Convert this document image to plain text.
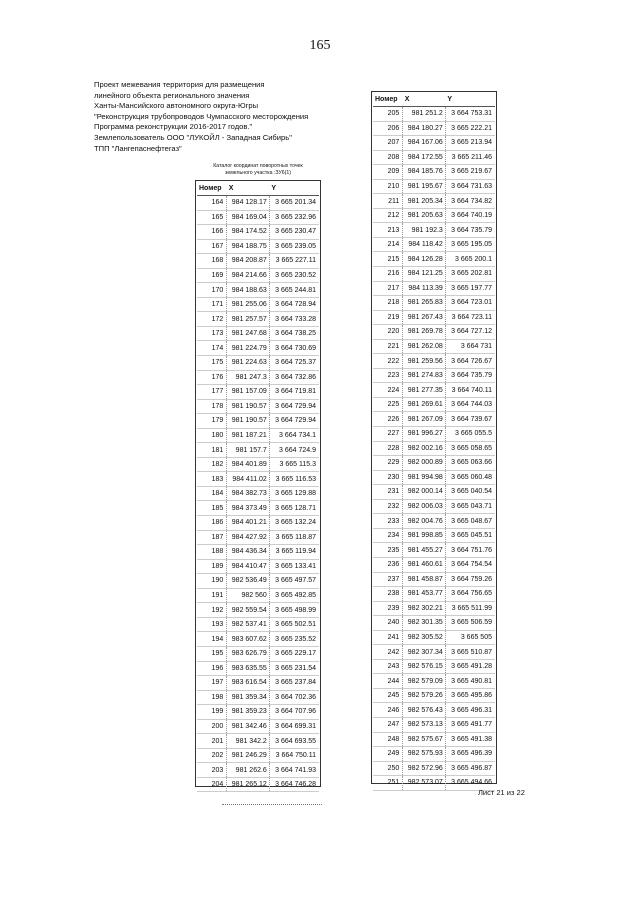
165
Проект межевания территория для размещения
линейного объекта регионального значения
Ханты-Мансийского автономного округа-Югры
"Реконструкция трубопроводов Чумпасского месторождения
Программа реконструкции 2016-2017 годов."
Землепользователь ООО "ЛУКОЙЛ - Западная Сибирь"
ТПП "Лангепаснефтегаз"
Каталог координат поворотных точек
земельного участка :ЗУ6(1)
Номер	X	Y
164	984 128.17	3 665 201.34
165	984 169.04	3 665 232.96
166	984 174.52	3 665 230.47
167	984 188.75	3 665 239.05
168	984 208.87	3 665 227.11
169	984 214.66	3 665 230.52
170	984 188.63	3 665 244.81
171	981 255.06	3 664 728.94
172	981 257.57	3 664 733.28
173	981 247.68	3 664 738.25
174	981 224.79	3 664 730.69
175	981 224.63	3 664 725.37
176	981 247.3	3 664 732.86
177	981 157.09	3 664 719.81
178	981 190.57	3 664 729.94
179	981 190.57	3 664 729.94
180	981 187.21	3 664 734.1
181	981 157.7	3 664 724.9
182	984 401.89	3 665 115.3
183	984 411.02	3 665 116.53
184	984 382.73	3 665 129.88
185	984 373.49	3 665 128.71
186	984 401.21	3 665 132.24
187	984 427.92	3 665 118.87
188	984 436.34	3 665 119.94
189	984 410.47	3 665 133.41
190	982 536.49	3 665 497.57
191	982 560	3 665 492.85
192	982 559.54	3 665 498.99
193	982 537.41	3 665 502.51
194	983 607.62	3 665 235.52
195	983 626.79	3 665 229.17
196	983 635.55	3 665 231.54
197	983 616.54	3 665 237.84
198	981 359.34	3 664 702.36
199	981 359.23	3 664 707.96
200	981 342.46	3 664 699.31
201	981 342.2	3 664 693.55
202	981 246.29	3 664 750.11
203	981 262.6	3 664 741.93
204	981 265.12	3 664 746.28
Номер	X	Y
205	981 251.2	3 664 753.31
206	984 180.27	3 665 222.21
207	984 167.06	3 665 213.94
208	984 172.55	3 665 211.46
209	984 185.76	3 665 219.67
210	981 195.67	3 664 731.63
211	981 205.34	3 664 734.82
212	981 205.63	3 664 740.19
213	981 192.3	3 664 735.79
214	984 118.42	3 665 195.05
215	984 126.28	3 665 200.1
216	984 121.25	3 665 202.81
217	984 113.39	3 665 197.77
218	981 265.83	3 664 723.01
219	981 267.43	3 664 723.11
220	981 269.78	3 664 727.12
221	981 262.08	3 664 731
222	981 259.56	3 664 726.67
223	981 274.83	3 664 735.79
224	981 277.35	3 664 740.11
225	981 269.61	3 664 744.03
226	981 267.09	3 664 739.67
227	981 996.27	3 665 055.5
228	982 002.16	3 665 058.65
229	982 000.89	3 665 063.66
230	981 994.98	3 665 060.48
231	982 000.14	3 665 040.54
232	982 006.03	3 665 043.71
233	982 004.76	3 665 048.67
234	981 998.85	3 665 045.51
235	981 455.27	3 664 751.76
236	981 460.61	3 664 754.54
237	981 458.87	3 664 759.26
238	981 453.77	3 664 756.65
239	982 302.21	3 665 511.99
240	982 301.35	3 665 506.59
241	982 305.52	3 665 505
242	982 307.34	3 665 510.87
243	982 576.15	3 665 491.28
244	982 579.09	3 665 490.81
245	982 579.26	3 665 495.86
246	982 576.43	3 665 496.31
247	982 573.13	3 665 491.77
248	982 575.67	3 665 491.38
249	982 575.93	3 665 496.39
250	982 572.96	3 665 496.87
251	982 573.07	3 665 494.66
Лист 21 из 22
